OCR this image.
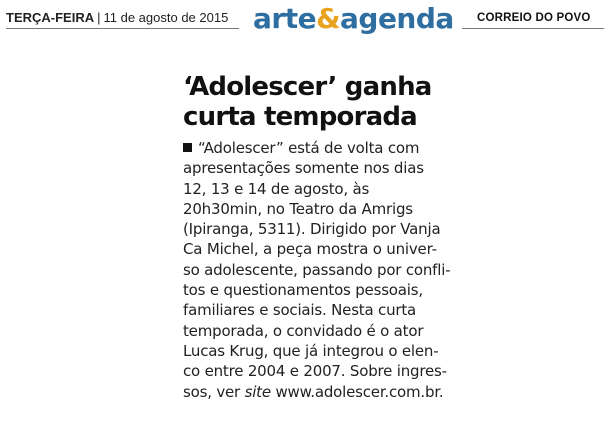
TERÇA-FEIRA | 11 de agosto de 2015 arte&agenda CORREIO DO POVO
‘Adolescer’ ganha
curta temporada
“Adolescer” está de volta com
apresentações somente nos dias
12, 13 e 14 de agosto, às
20h30min, no Teatro da Amrigs
(Ipiranga, 5311). Dirigido por Vanja
Ca Michel, a peça mostra o univer-
so adolescente, passando por conflі-
tos e questionamentos pessoais,
familiares e sociais. Nesta curta
temporada, o convidado é o ator
Lucas Krug, que já integrou o elen-
co entre 2004 e 2007. Sobre ingres-
sos, ver site www.adolescer.com.br.
